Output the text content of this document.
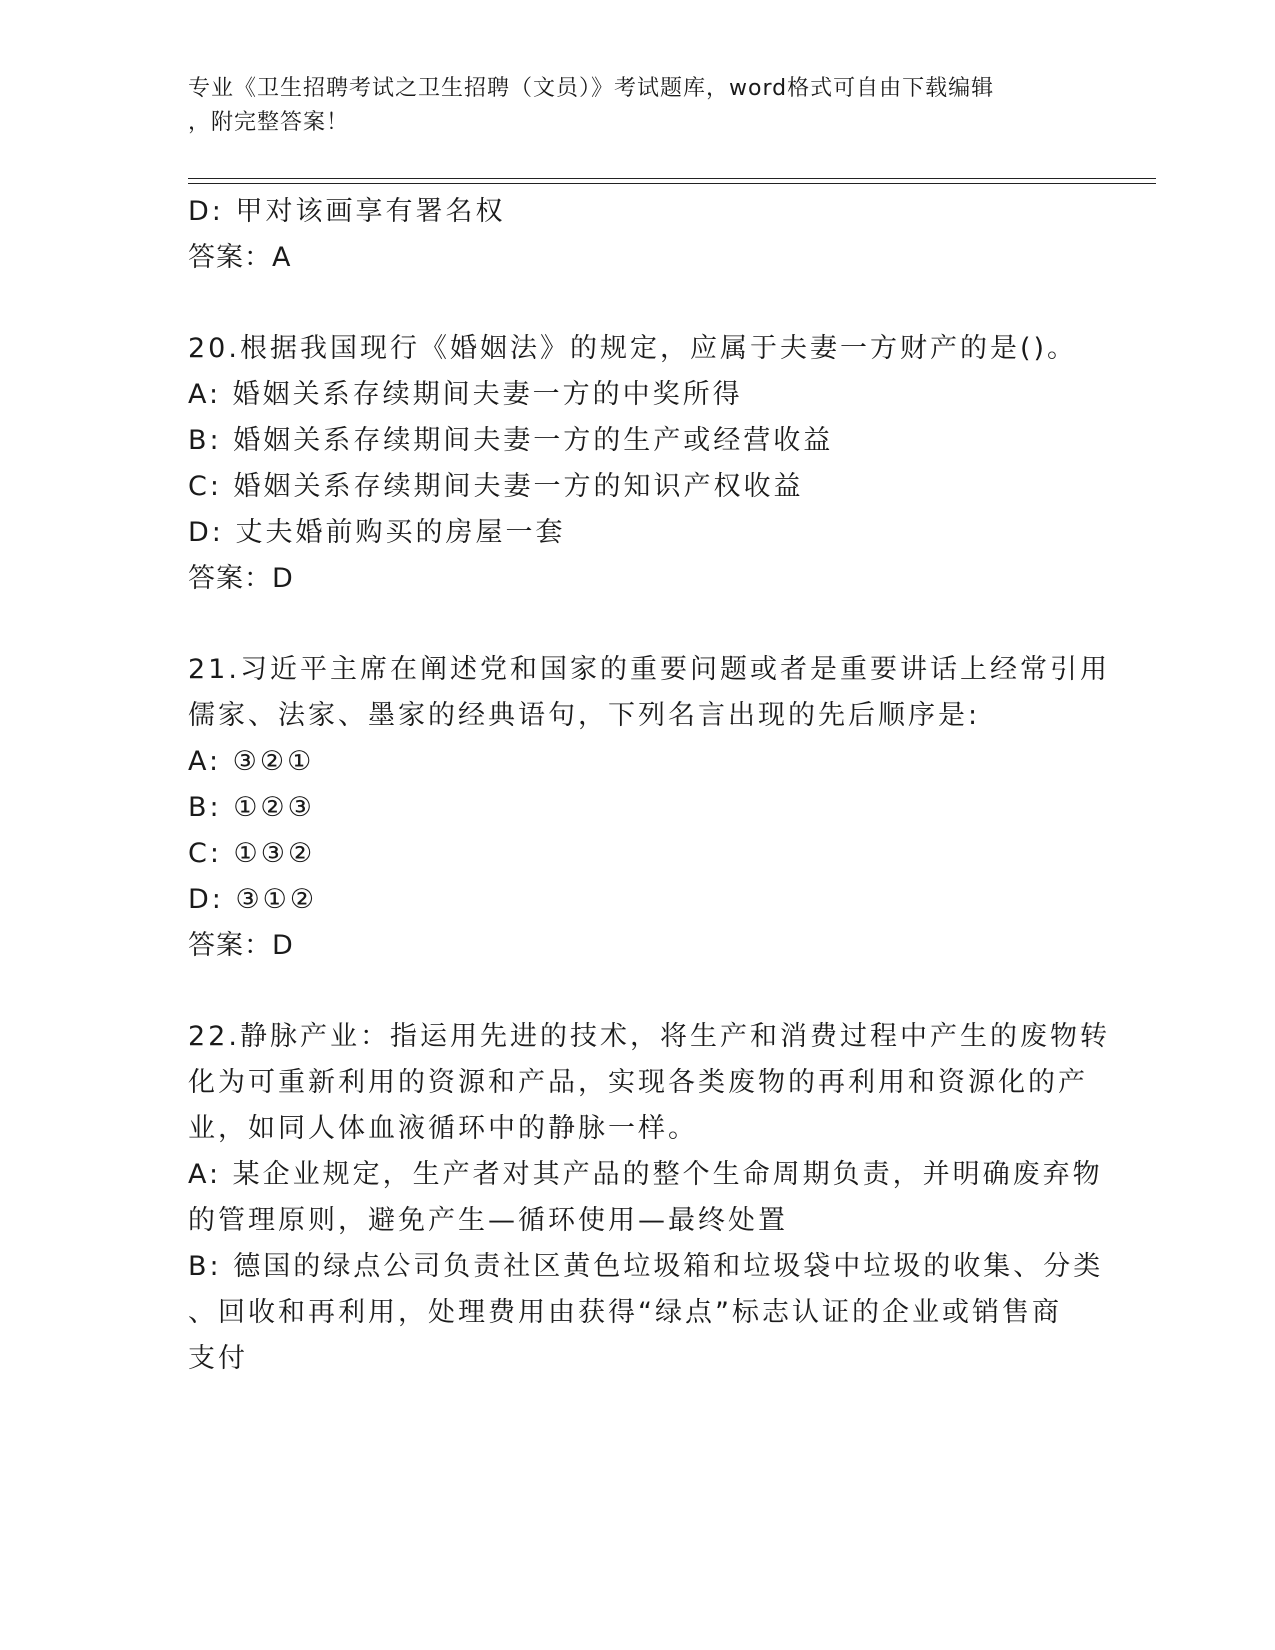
专业《卫生招聘考试之卫生招聘（文员）》考试题库，word格式可自由下载编辑
，附完整答案！
D: 甲对该画享有署名权
答案：A
20.根据我国现行《婚姻法》的规定，应属于夫妻一方财产的是()。
A: 婚姻关系存续期间夫妻一方的中奖所得
B: 婚姻关系存续期间夫妻一方的生产或经营收益
C: 婚姻关系存续期间夫妻一方的知识产权收益
D: 丈夫婚前购买的房屋一套
答案：D
21.习近平主席在阐述党和国家的重要问题或者是重要讲话上经常引用
儒家、法家、墨家的经典语句，下列名言出现的先后顺序是:
A: ③②①
B: ①②③
C: ①③②
D: ③①②
答案：D
22.静脉产业：指运用先进的技术，将生产和消费过程中产生的废物转
化为可重新利用的资源和产品，实现各类废物的再利用和资源化的产
业，如同人体血液循环中的静脉一样。
A: 某企业规定，生产者对其产品的整个生命周期负责，并明确废弃物
的管理原则，避免产生—循环使用—最终处置
B: 德国的绿点公司负责社区黄色垃圾箱和垃圾袋中垃圾的收集、分类
、回收和再利用，处理费用由获得“绿点”标志认证的企业或销售商
支付
